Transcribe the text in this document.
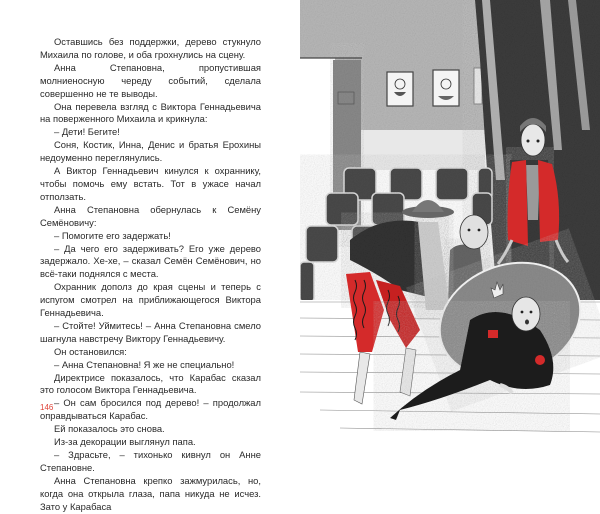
Оставшись без поддержки, дерево стукнуло Михаила по голове, и оба грохнулись на сцену.

Анна Степановна, пропустившая молниеносную череду событий, сделала совершенно не те выводы.

Она перевела взгляд с Виктора Геннадьевича на поверженного Михаила и крикнула:

– Дети! Бегите!

Соня, Костик, Инна, Денис и братья Ерохины недоуменно переглянулись.

А Виктор Геннадьевич кинулся к охраннику, чтобы помочь ему встать. Тот в ужасе начал отползать.

Анна Степановна обернулась к Семёну Семёновичу:

– Помогите его задержать!

– Да чего его задерживать? Его уже дерево задержало. Хе-хе, – сказал Семён Семёнович, но всё-таки поднялся с места.

Охранник дополз до края сцены и теперь с испугом смотрел на приближающегося Виктора Геннадьевича.

– Стойте! Уймитесь! – Анна Степановна смело шагнула навстречу Виктору Геннадьевичу.

Он остановился:

– Анна Степановна! Я же не специально!

Директрисе показалось, что Карабас сказал это голосом Виктора Геннадьевича.

– Он сам бросился под дерево! – продолжал оправдываться Карабас.

Ей показалось это снова.

Из-за декорации выглянул папа.

– Здрасьте, – тихонько кивнул он Анне Степановне.

Анна Степановна крепко зажмурилась, но, когда она открыла глаза, папа никуда не исчез. Зато у Карабаса

146
